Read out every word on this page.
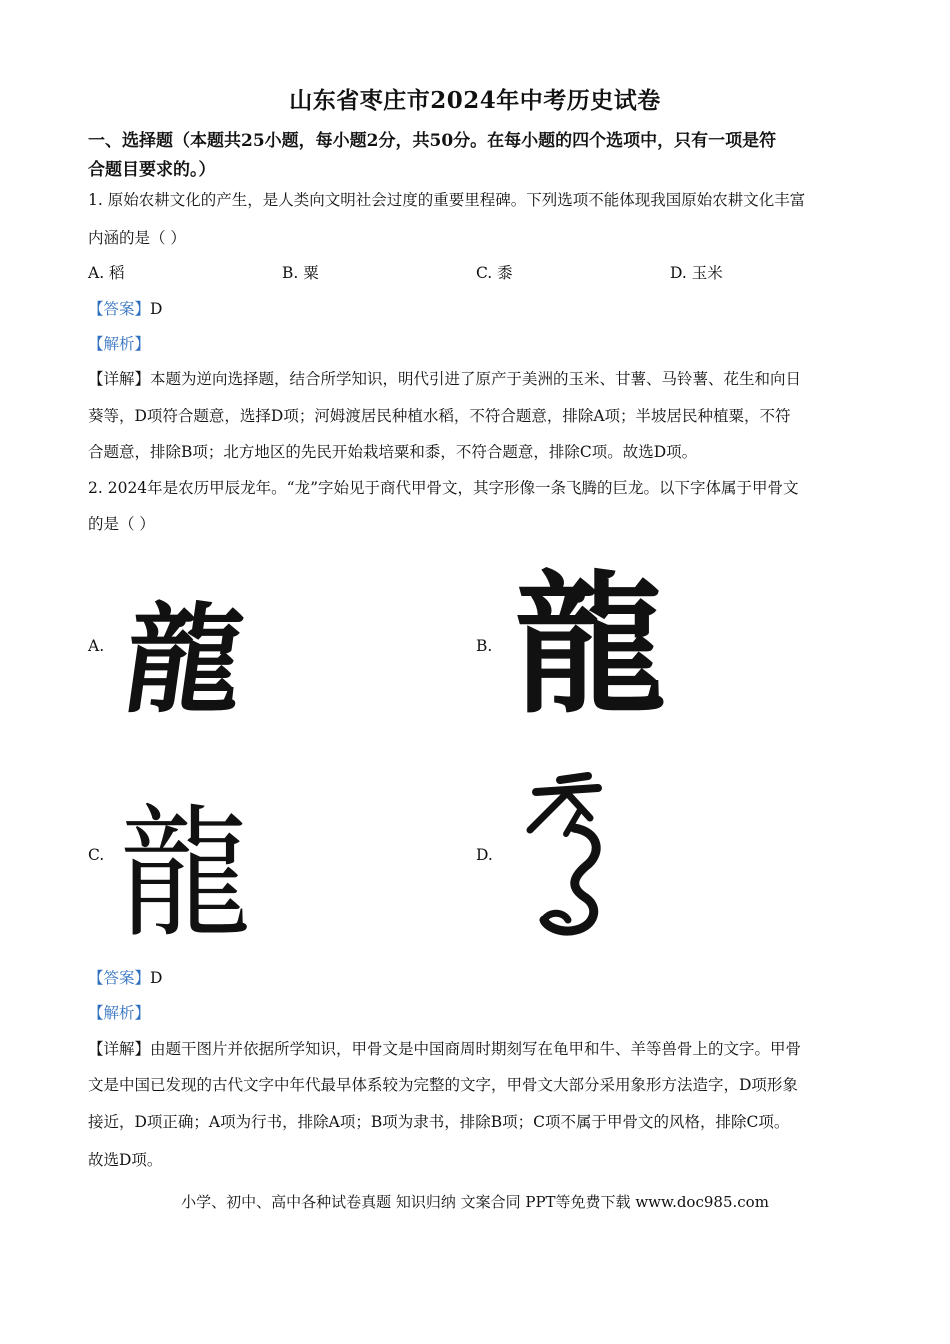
山东省枣庄市2024年中考历史试卷
一、选择题（本题共25小题，每小题2分，共50分。在每小题的四个选项中，只有一项是符
合题目要求的。）
1. 原始农耕文化的产生，是人类向文明社会过度的重要里程碑。下列选项不能体现我国原始农耕文化丰富
内涵的是（ ）
A. 稻	B. 粟	C. 黍	D. 玉米
【答案】D
【解析】
【详解】本题为逆向选择题，结合所学知识，明代引进了原产于美洲的玉米、甘薯、马铃薯、花生和向日
葵等，D项符合题意，选择D项；河姆渡居民种植水稻，不符合题意，排除A项；半坡居民种植粟，不符
合题意，排除B项；北方地区的先民开始栽培粟和黍，不符合题意，排除C项。故选D项。
2. 2024年是农历甲辰龙年。“龙”字始见于商代甲骨文，其字形像一条飞腾的巨龙。以下字体属于甲骨文
的是（ ）
A. 龍	B. 龍
C. 龍	D.
【答案】D
【解析】
【详解】由题干图片并依据所学知识，甲骨文是中国商周时期刻写在龟甲和牛、羊等兽骨上的文字。甲骨
文是中国已发现的古代文字中年代最早体系较为完整的文字，甲骨文大部分采用象形方法造字，D项形象
接近，D项正确；A项为行书，排除A项；B项为隶书，排除B项；C项不属于甲骨文的风格，排除C项。
故选D项。
小学、初中、高中各种试卷真题 知识归纳 文案合同 PPT等免费下载 www.doc985.com
